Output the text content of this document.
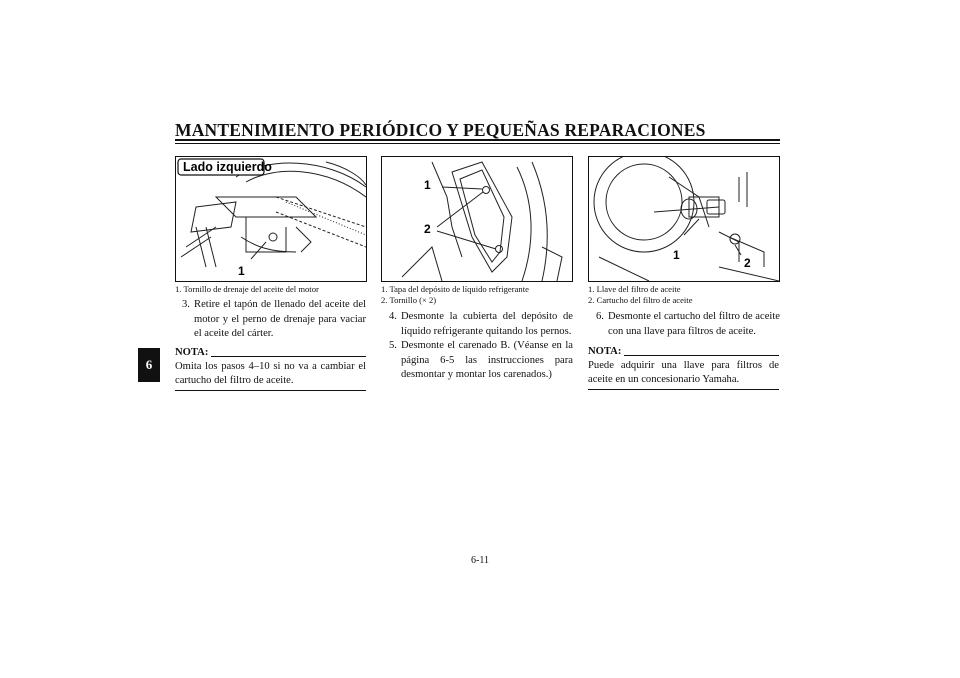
MANTENIMIENTO PERIÓDICO Y PEQUEÑAS REPARACIONES
6
Lado izquierdo
1
1. Tornillo de drenaje del aceite del motor
3. Retire el tapón de llenado del aceite del motor y el perno de drenaje para vaciar el aceite del cárter.
NOTA:
Omita los pasos 4–10 si no va a cambiar el cartucho del filtro de aceite.
1
2
1. Tapa del depósito de líquido refrigerante
2. Tornillo (× 2)
4. Desmonte la cubierta del depósito de líquido refrigerante quitando los pernos.
5. Desmonte el carenado B. (Véanse en la página 6-5 las instrucciones para desmontar y montar los carenados.)
1
2
1. Llave del filtro de aceite
2. Cartucho del filtro de aceite
6. Desmonte el cartucho del filtro de aceite con una llave para filtros de aceite.
NOTA:
Puede adquirir una llave para filtros de aceite en un concesionario Yamaha.
6-11
